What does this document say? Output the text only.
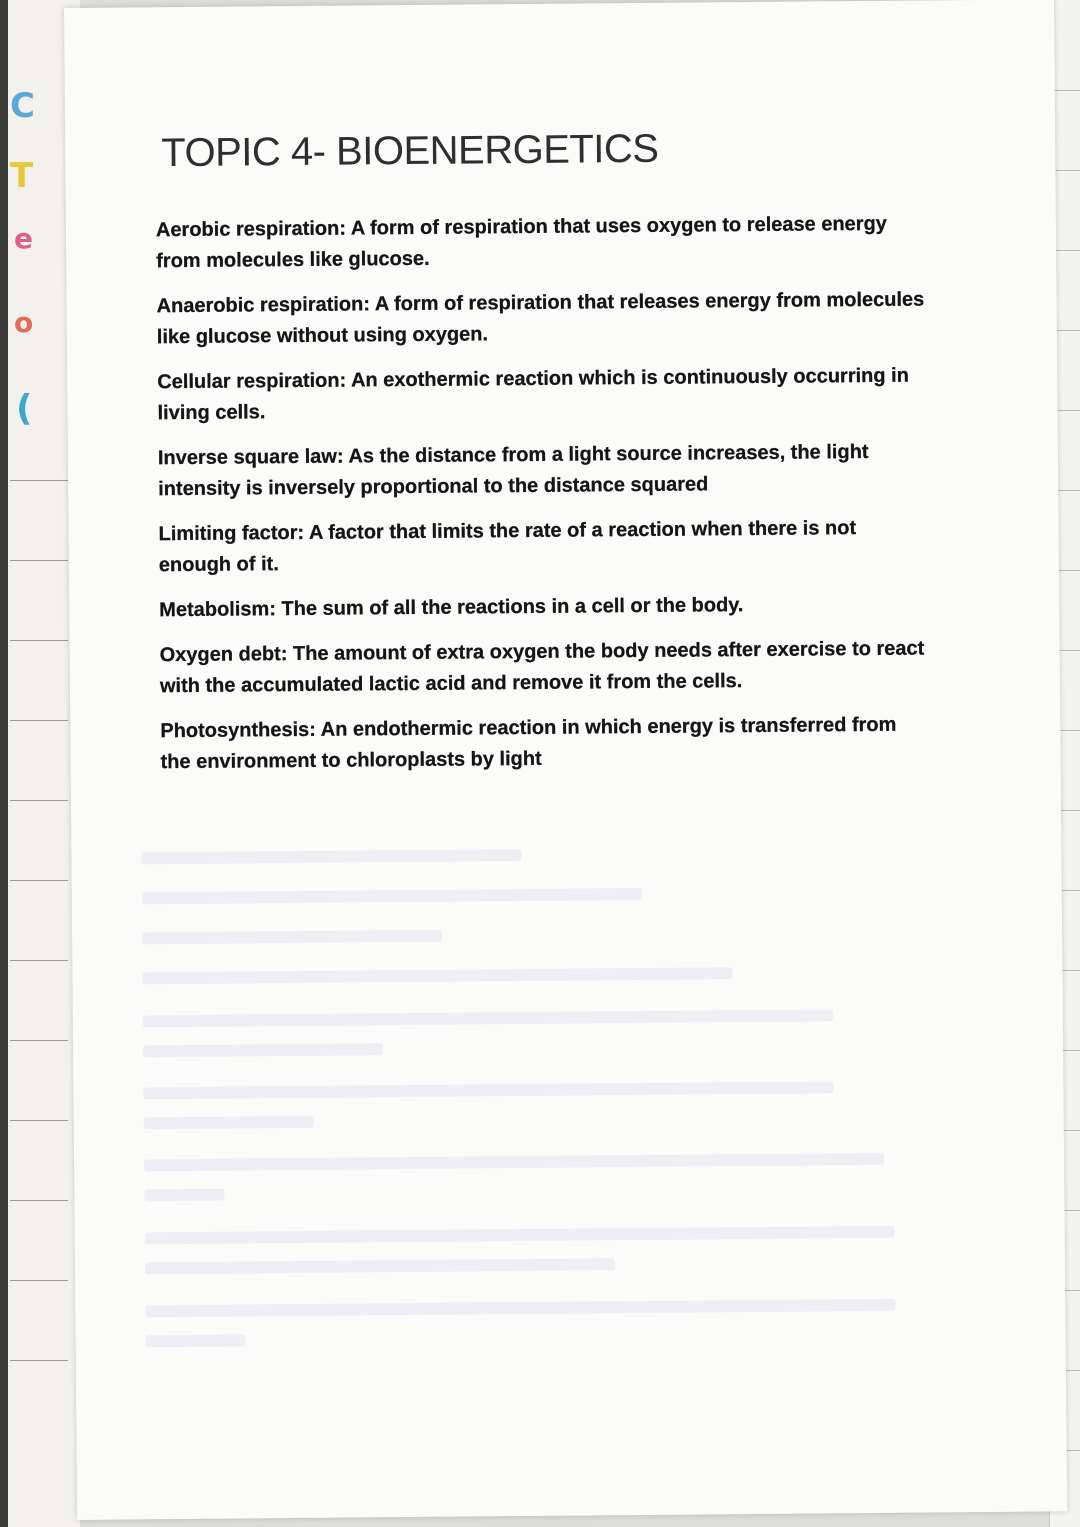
C
T
e
o
(
TOPIC 4- BIOENERGETICS
Aerobic respiration: A form of respiration that uses oxygen to release energy from molecules like glucose.
Anaerobic respiration: A form of respiration that releases energy from molecules like glucose without using oxygen.
Cellular respiration: An exothermic reaction which is continuously occurring in living cells.
Inverse square law: As the distance from a light source increases, the light intensity is inversely proportional to the distance squared
Limiting factor: A factor that limits the rate of a reaction when there is not enough of it.
Metabolism: The sum of all the reactions in a cell or the body.
Oxygen debt: The amount of extra oxygen the body needs after exercise to react with the accumulated lactic acid and remove it from the cells.
Photosynthesis: An endothermic reaction in which energy is transferred from the environment to chloroplasts by light
